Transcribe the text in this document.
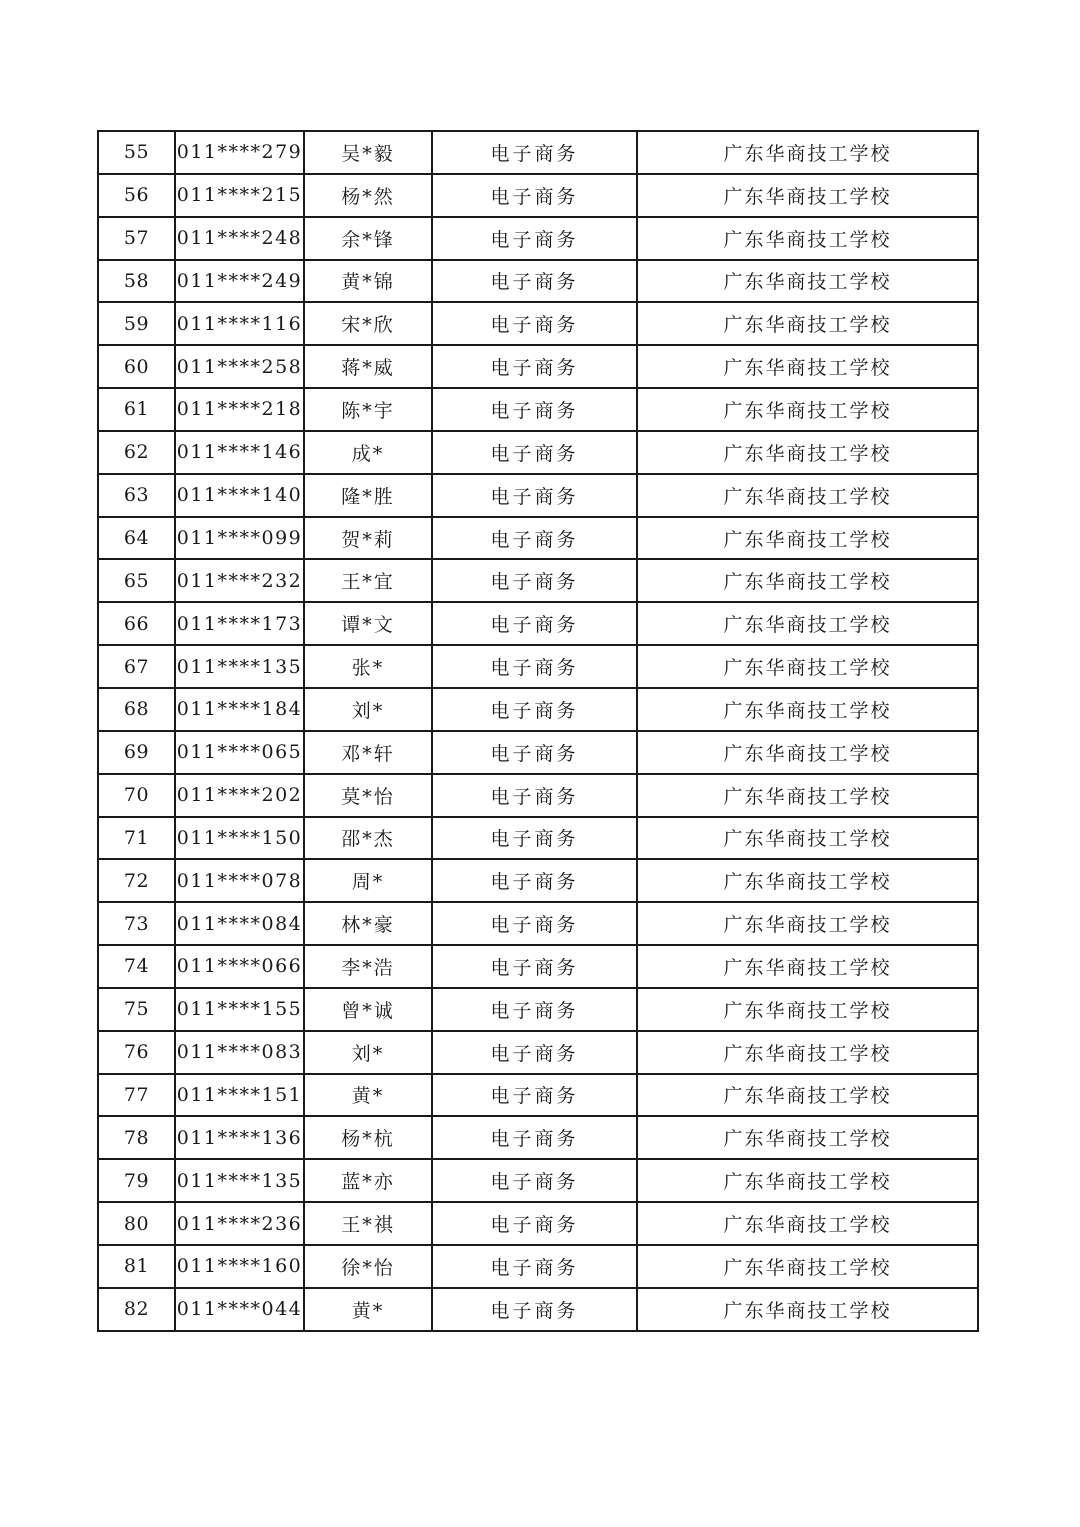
55	011****279	吴*毅	电子商务	广东华商技工学校
56	011****215	杨*然	电子商务	广东华商技工学校
57	011****248	余*锋	电子商务	广东华商技工学校
58	011****249	黄*锦	电子商务	广东华商技工学校
59	011****116	宋*欣	电子商务	广东华商技工学校
60	011****258	蒋*威	电子商务	广东华商技工学校
61	011****218	陈*宇	电子商务	广东华商技工学校
62	011****146	成*	电子商务	广东华商技工学校
63	011****140	隆*胜	电子商务	广东华商技工学校
64	011****099	贺*莉	电子商务	广东华商技工学校
65	011****232	王*宜	电子商务	广东华商技工学校
66	011****173	谭*文	电子商务	广东华商技工学校
67	011****135	张*	电子商务	广东华商技工学校
68	011****184	刘*	电子商务	广东华商技工学校
69	011****065	邓*轩	电子商务	广东华商技工学校
70	011****202	莫*怡	电子商务	广东华商技工学校
71	011****150	邵*杰	电子商务	广东华商技工学校
72	011****078	周*	电子商务	广东华商技工学校
73	011****084	林*豪	电子商务	广东华商技工学校
74	011****066	李*浩	电子商务	广东华商技工学校
75	011****155	曾*诚	电子商务	广东华商技工学校
76	011****083	刘*	电子商务	广东华商技工学校
77	011****151	黄*	电子商务	广东华商技工学校
78	011****136	杨*杭	电子商务	广东华商技工学校
79	011****135	蓝*亦	电子商务	广东华商技工学校
80	011****236	王*祺	电子商务	广东华商技工学校
81	011****160	徐*怡	电子商务	广东华商技工学校
82	011****044	黄*	电子商务	广东华商技工学校
